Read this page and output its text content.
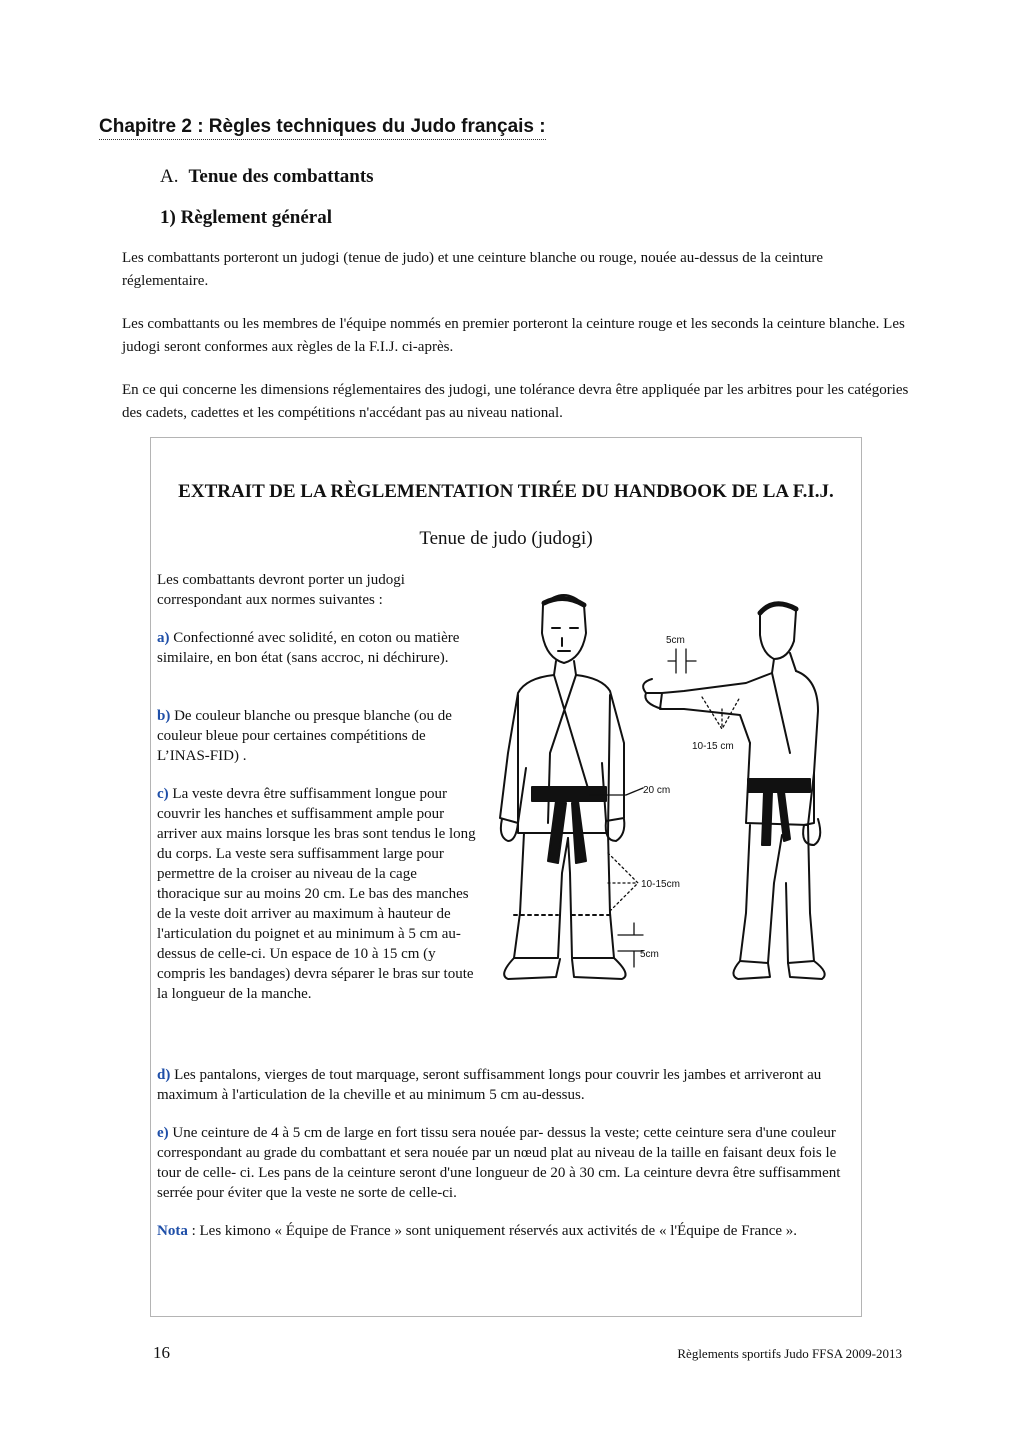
Chapitre 2 : Règles techniques du Judo français :
A. Tenue des combattants
1) Règlement général

Les combattants porteront un judogi (tenue de judo) et une ceinture blanche ou rouge, nouée au-dessus de la ceinture réglementaire.

Les combattants ou les membres de l'équipe nommés en premier porteront la ceinture rouge et les seconds la ceinture blanche. Les judogi seront conformes aux règles de la F.I.J. ci-après.

En ce qui concerne les dimensions réglementaires des judogi, une tolérance devra être appliquée par les arbitres pour les catégories des cadets, cadettes et les compétitions n'accédant pas au niveau national.

EXTRAIT DE LA RÈGLEMENTATION TIRÉE DU HANDBOOK DE LA F.I.J.

Tenue de judo (judogi)

Les combattants devront porter un judogi correspondant aux normes suivantes :

a) Confectionné avec solidité, en coton ou matière similaire, en bon état (sans accroc, ni déchirure).

b) De couleur blanche ou presque blanche (ou de couleur bleue pour certaines compétitions de L’INAS-FID) .

c) La veste devra être suffisamment longue pour couvrir les hanches et suffisamment ample pour arriver aux mains lorsque les bras sont tendus le long du corps. La veste sera suffisamment large pour permettre de la croiser au niveau de la cage thoracique sur au moins 20 cm. Le bas des manches de la veste doit arriver au maximum à hauteur de l'articulation du poignet et au minimum à 5 cm au-dessus de celle-ci. Un espace de 10 à 15 cm (y compris les bandages) devra séparer le bras sur toute la longueur de la manche.

d) Les pantalons, vierges de tout marquage, seront suffisamment longs pour couvrir les jambes et arriveront au maximum à l'articulation de la cheville et au minimum 5 cm au-dessus.

e) Une ceinture de 4 à 5 cm de large en fort tissu sera nouée par- dessus la veste; cette ceinture sera d'une couleur correspondant au grade du combattant et sera nouée par un nœud plat au niveau de la taille en faisant deux fois le tour de celle- ci. Les pans de la ceinture seront d'une longueur de 20 à 30 cm. La ceinture devra être suffisamment serrée pour éviter que la veste ne sorte de celle-ci.

Nota : Les kimono « Équipe de France » sont uniquement réservés aux activités de « l'Équipe de France ».

20 cm
10-15cm
5cm
5cm
10-15 cm

16	Règlements sportifs Judo FFSA 2009-2013
